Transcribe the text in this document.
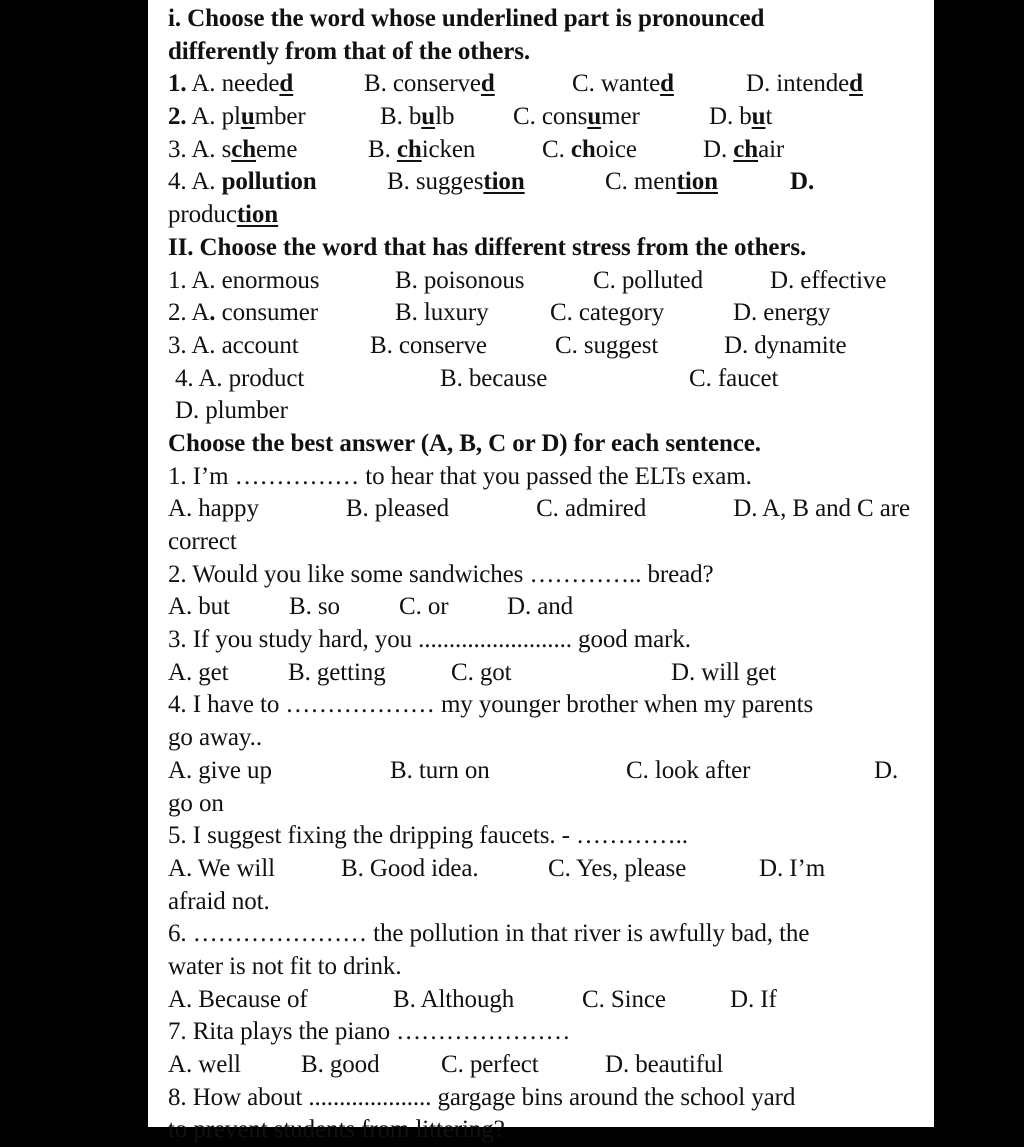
i. Choose the word whose underlined part is pronounced
differently from that of the others.
1. A. needed	B. conserved	C. wanted	D. intended
2. A. plumber	B. bulb C. consumer	D. but
3. A. scheme	B. chicken	C. choice	D. chair
4. A. pollution	B. suggestion	C. mention	D.
production
II. Choose the word that has different stress from the others.
1. A. enormous	B. poisonous	C. polluted	D. effective
2. A. consumer	B. luxury C. category	D. energy
3. A. account	B. conserve	C. suggest	D. dynamite
4. A. product	B. because	C. faucet
D. plumber
Choose the best answer (A, B, C or D) for each sentence.
1. I’m …………… to hear that you passed the ELTs exam.
A. happy	B. pleased	C. admired	D. A, B and C are
correct
2. Would you like some sandwiches ………….. bread?
A. but B. so C. or D. and
3. If you study hard, you ......................... good mark.
A. get B. getting	C. got	D. will get
4. I have to ……………… my younger brother when my parents
go away..
A. give up	B. turn on	C. look after	D.
go on
5. I suggest fixing the dripping faucets. - …………..
A. We will	B. Good idea.	C. Yes, please	D. I’m
afraid not.
6. ………………… the pollution in that river is awfully bad, the
water is not fit to drink.
A. Because of	B. Although	C. Since	D. If
7. Rita plays the piano …………………
A. well B. good C. perfect	D. beautiful
8. How about .................... gargage bins around the school yard
to prevent students from littering?
